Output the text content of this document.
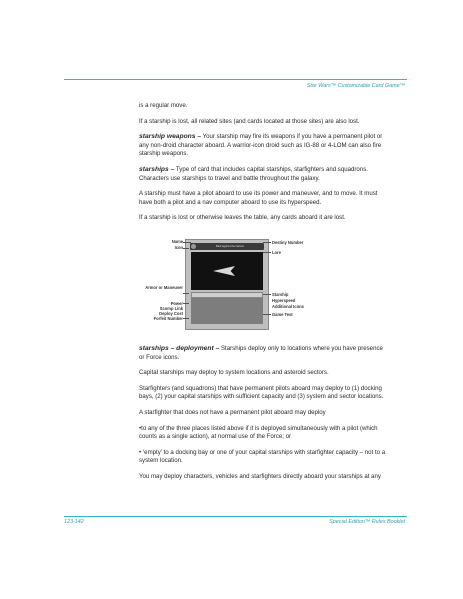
Star Wars™ Customizable Card Game™

is a regular move.

If a starship is lost, all related sites (and cards located at those sites) are also lost.

starship weapons – Your starship may fire its weapons if you have a permanent pilot or any non-droid character aboard. A warrior-icon droid such as IG-88 or 4-LOM can also fire starship weapons.

starships – Type of card that includes capital starships, starfighters and squadrons. Characters use starships to travel and battle throughout the galaxy.

A starship must have a pilot aboard to use its power and maneuver, and to move. It must have both a pilot and a nav computer aboard to use its hyperspeed.

If a starship is lost or otherwise leaves the table, any cards aboard it are lost.

Name
Icon
Armor or Maneuver
Power
Scomp Link
Deploy Cost
Forfeit Number
Bark Against the Narrow
Destiny Number
Lore
Starship
Hyperspeed
Additional Icons
Game Text

starships – deployment – Starships deploy only to locations where you have presence or Force icons.

Capital starships may deploy to system locations and asteroid sectors.

Starfighters (and squadrons) that have permanent pilots aboard may deploy to (1) docking bays, (2) your capital starships with sufficient capacity and (3) system and sector locations.

A starfighter that does not have a permanent pilot aboard may deploy

•to any of the three places listed above if it is deployed simultaneously with a pilot (which counts as a single action), at normal use of the Force; or

• ‘empty’ to a docking bay or one of your capital starships with starfighter capacity – not to a system location.

You may deploy characters, vehicles and starfighters directly aboard your starships at any

123-142	Special Edition™ Rules Booklet
